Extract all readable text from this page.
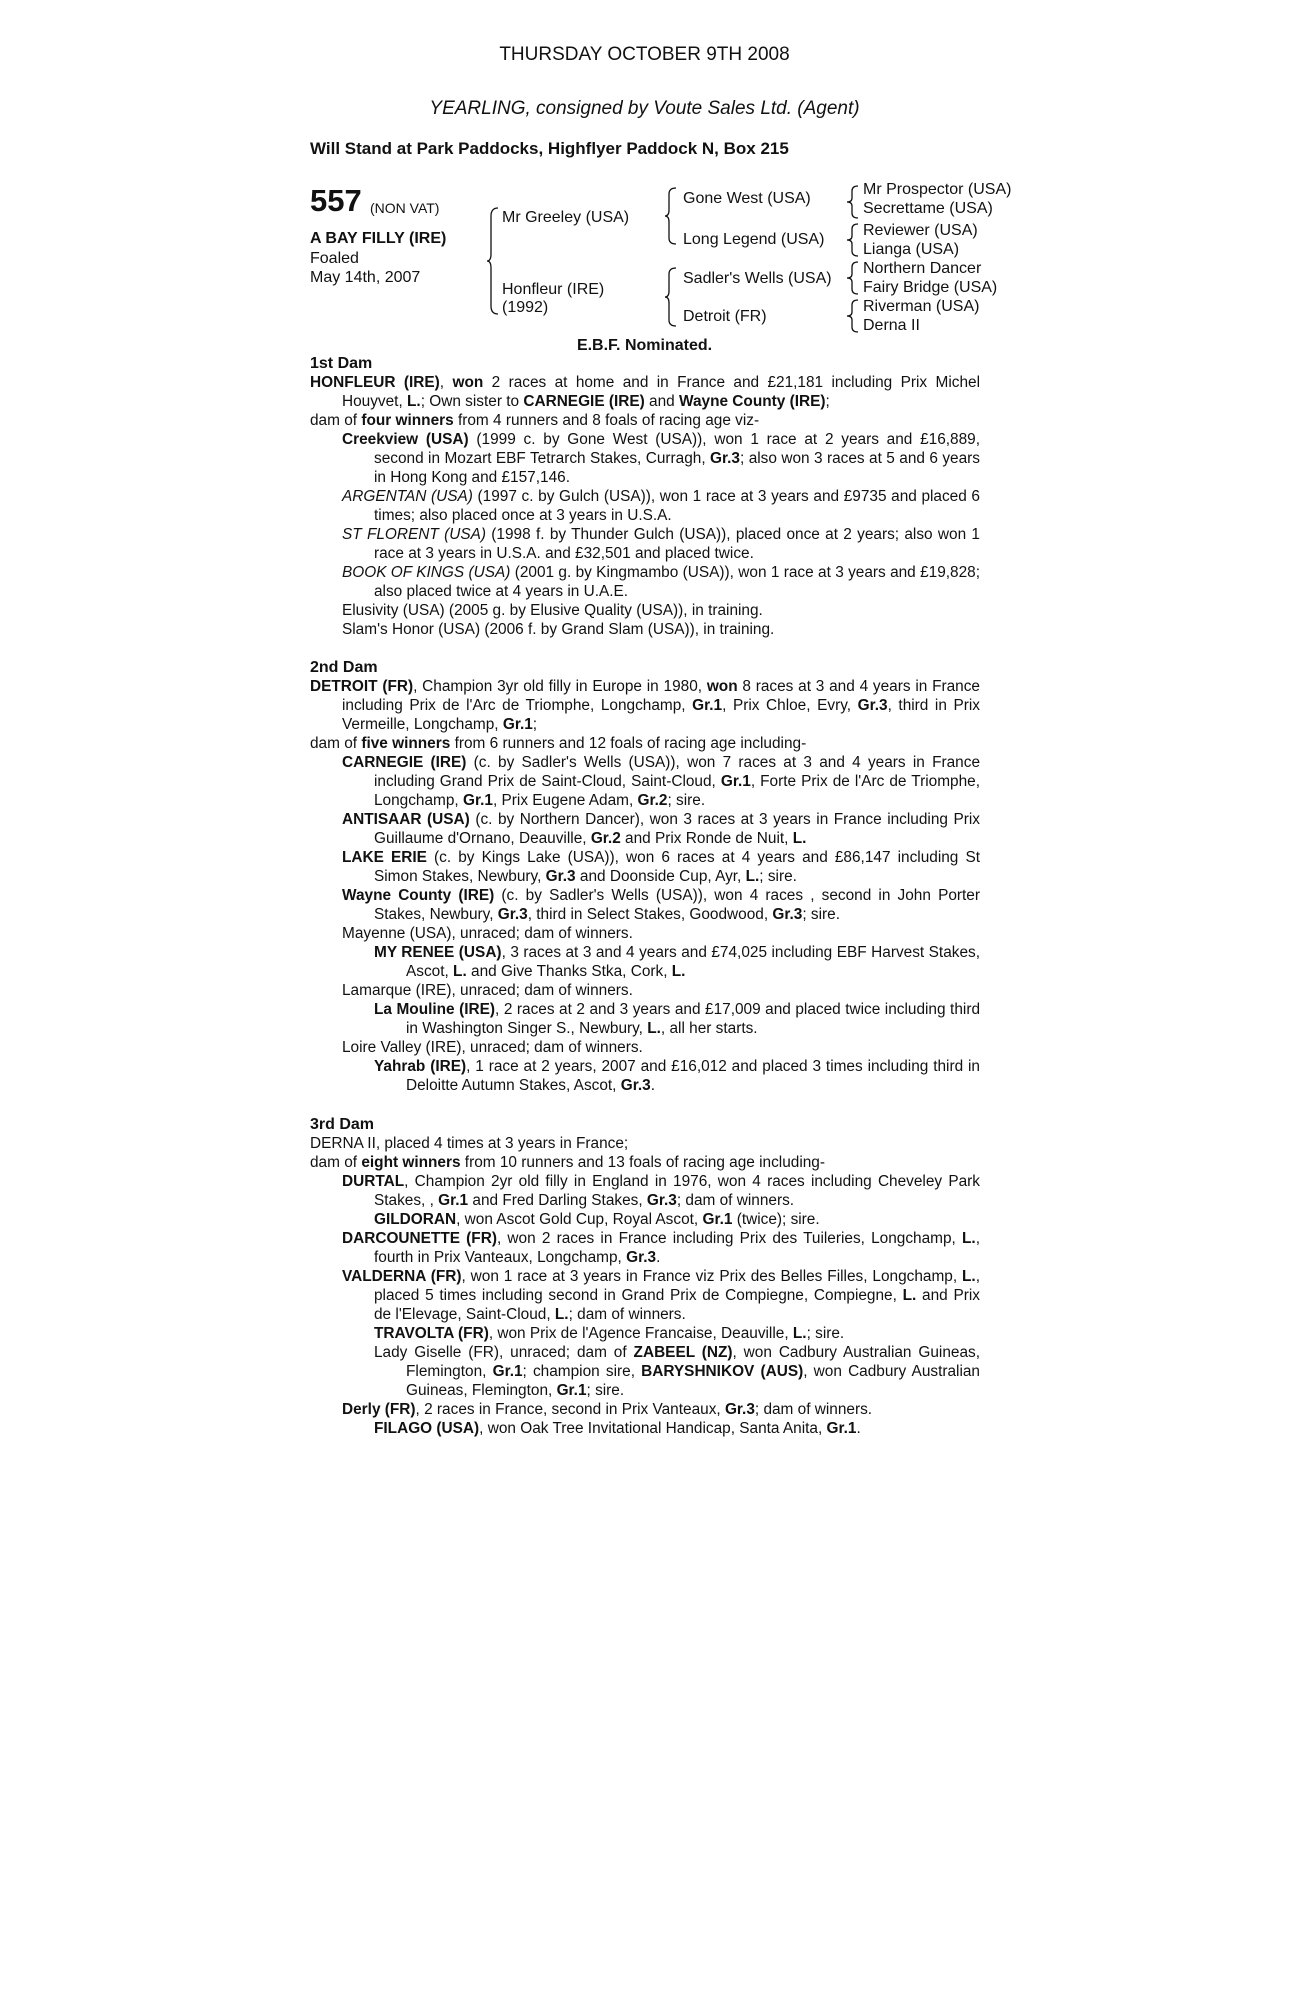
THURSDAY OCTOBER 9TH 2008
YEARLING, consigned by Voute Sales Ltd. (Agent)
Will Stand at Park Paddocks, Highflyer Paddock N, Box 215
557 (NON VAT)
A BAY FILLY (IRE)
Foaled
May 14th, 2007
Mr Greeley (USA)
Honfleur (IRE)
(1992)
Gone West (USA)
Long Legend (USA)
Sadler's Wells (USA)
Detroit (FR)
Mr Prospector (USA)
Secrettame (USA)
Reviewer (USA)
Lianga (USA)
Northern Dancer
Fairy Bridge (USA)
Riverman (USA)
Derna II
E.B.F. Nominated.

1st Dam

HONFLEUR (IRE), won 2 races at home and in France and £21,181 including Prix Michel Houyvet, L.; Own sister to CARNEGIE (IRE) and Wayne County (IRE);

dam of four winners from 4 runners and 8 foals of racing age viz-

Creekview (USA) (1999 c. by Gone West (USA)), won 1 race at 2 years and £16,889, second in Mozart EBF Tetrarch Stakes, Curragh, Gr.3; also won 3 races at 5 and 6 years in Hong Kong and £157,146.

ARGENTAN (USA) (1997 c. by Gulch (USA)), won 1 race at 3 years and £9735 and placed 6 times; also placed once at 3 years in U.S.A.

ST FLORENT (USA) (1998 f. by Thunder Gulch (USA)), placed once at 2 years; also won 1 race at 3 years in U.S.A. and £32,501 and placed twice.

BOOK OF KINGS (USA) (2001 g. by Kingmambo (USA)), won 1 race at 3 years and £19,828; also placed twice at 4 years in U.A.E.

Elusivity (USA) (2005 g. by Elusive Quality (USA)), in training.

Slam's Honor (USA) (2006 f. by Grand Slam (USA)), in training.

2nd Dam

DETROIT (FR), Champion 3yr old filly in Europe in 1980, won 8 races at 3 and 4 years in France including Prix de l'Arc de Triomphe, Longchamp, Gr.1, Prix Chloe, Evry, Gr.3, third in Prix Vermeille, Longchamp, Gr.1;

dam of five winners from 6 runners and 12 foals of racing age including-

CARNEGIE (IRE) (c. by Sadler's Wells (USA)), won 7 races at 3 and 4 years in France including Grand Prix de Saint-Cloud, Saint-Cloud, Gr.1, Forte Prix de l'Arc de Triomphe, Longchamp, Gr.1, Prix Eugene Adam, Gr.2; sire.

ANTISAAR (USA) (c. by Northern Dancer), won 3 races at 3 years in France including Prix Guillaume d'Ornano, Deauville, Gr.2 and Prix Ronde de Nuit, L.

LAKE ERIE (c. by Kings Lake (USA)), won 6 races at 4 years and £86,147 including St Simon Stakes, Newbury, Gr.3 and Doonside Cup, Ayr, L.; sire.

Wayne County (IRE) (c. by Sadler's Wells (USA)), won 4 races , second in John Porter Stakes, Newbury, Gr.3, third in Select Stakes, Goodwood, Gr.3; sire.

Mayenne (USA), unraced; dam of winners.

MY RENEE (USA), 3 races at 3 and 4 years and £74,025 including EBF Harvest Stakes, Ascot, L. and Give Thanks Stka, Cork, L.

Lamarque (IRE), unraced; dam of winners.

La Mouline (IRE), 2 races at 2 and 3 years and £17,009 and placed twice including third in Washington Singer S., Newbury, L., all her starts.

Loire Valley (IRE), unraced; dam of winners.

Yahrab (IRE), 1 race at 2 years, 2007 and £16,012 and placed 3 times including third in Deloitte Autumn Stakes, Ascot, Gr.3.

3rd Dam

DERNA II, placed 4 times at 3 years in France;

dam of eight winners from 10 runners and 13 foals of racing age including-

DURTAL, Champion 2yr old filly in England in 1976, won 4 races including Cheveley Park Stakes, , Gr.1 and Fred Darling Stakes, Gr.3; dam of winners.

GILDORAN, won Ascot Gold Cup, Royal Ascot, Gr.1 (twice); sire.

DARCOUNETTE (FR), won 2 races in France including Prix des Tuileries, Longchamp, L., fourth in Prix Vanteaux, Longchamp, Gr.3.

VALDERNA (FR), won 1 race at 3 years in France viz Prix des Belles Filles, Longchamp, L., placed 5 times including second in Grand Prix de Compiegne, Compiegne, L. and Prix de l'Elevage, Saint-Cloud, L.; dam of winners.

TRAVOLTA (FR), won Prix de l'Agence Francaise, Deauville, L.; sire.

Lady Giselle (FR), unraced; dam of ZABEEL (NZ), won Cadbury Australian Guineas, Flemington, Gr.1; champion sire, BARYSHNIKOV (AUS), won Cadbury Australian Guineas, Flemington, Gr.1; sire.

Derly (FR), 2 races in France, second in Prix Vanteaux, Gr.3; dam of winners.

FILAGO (USA), won Oak Tree Invitational Handicap, Santa Anita, Gr.1.
